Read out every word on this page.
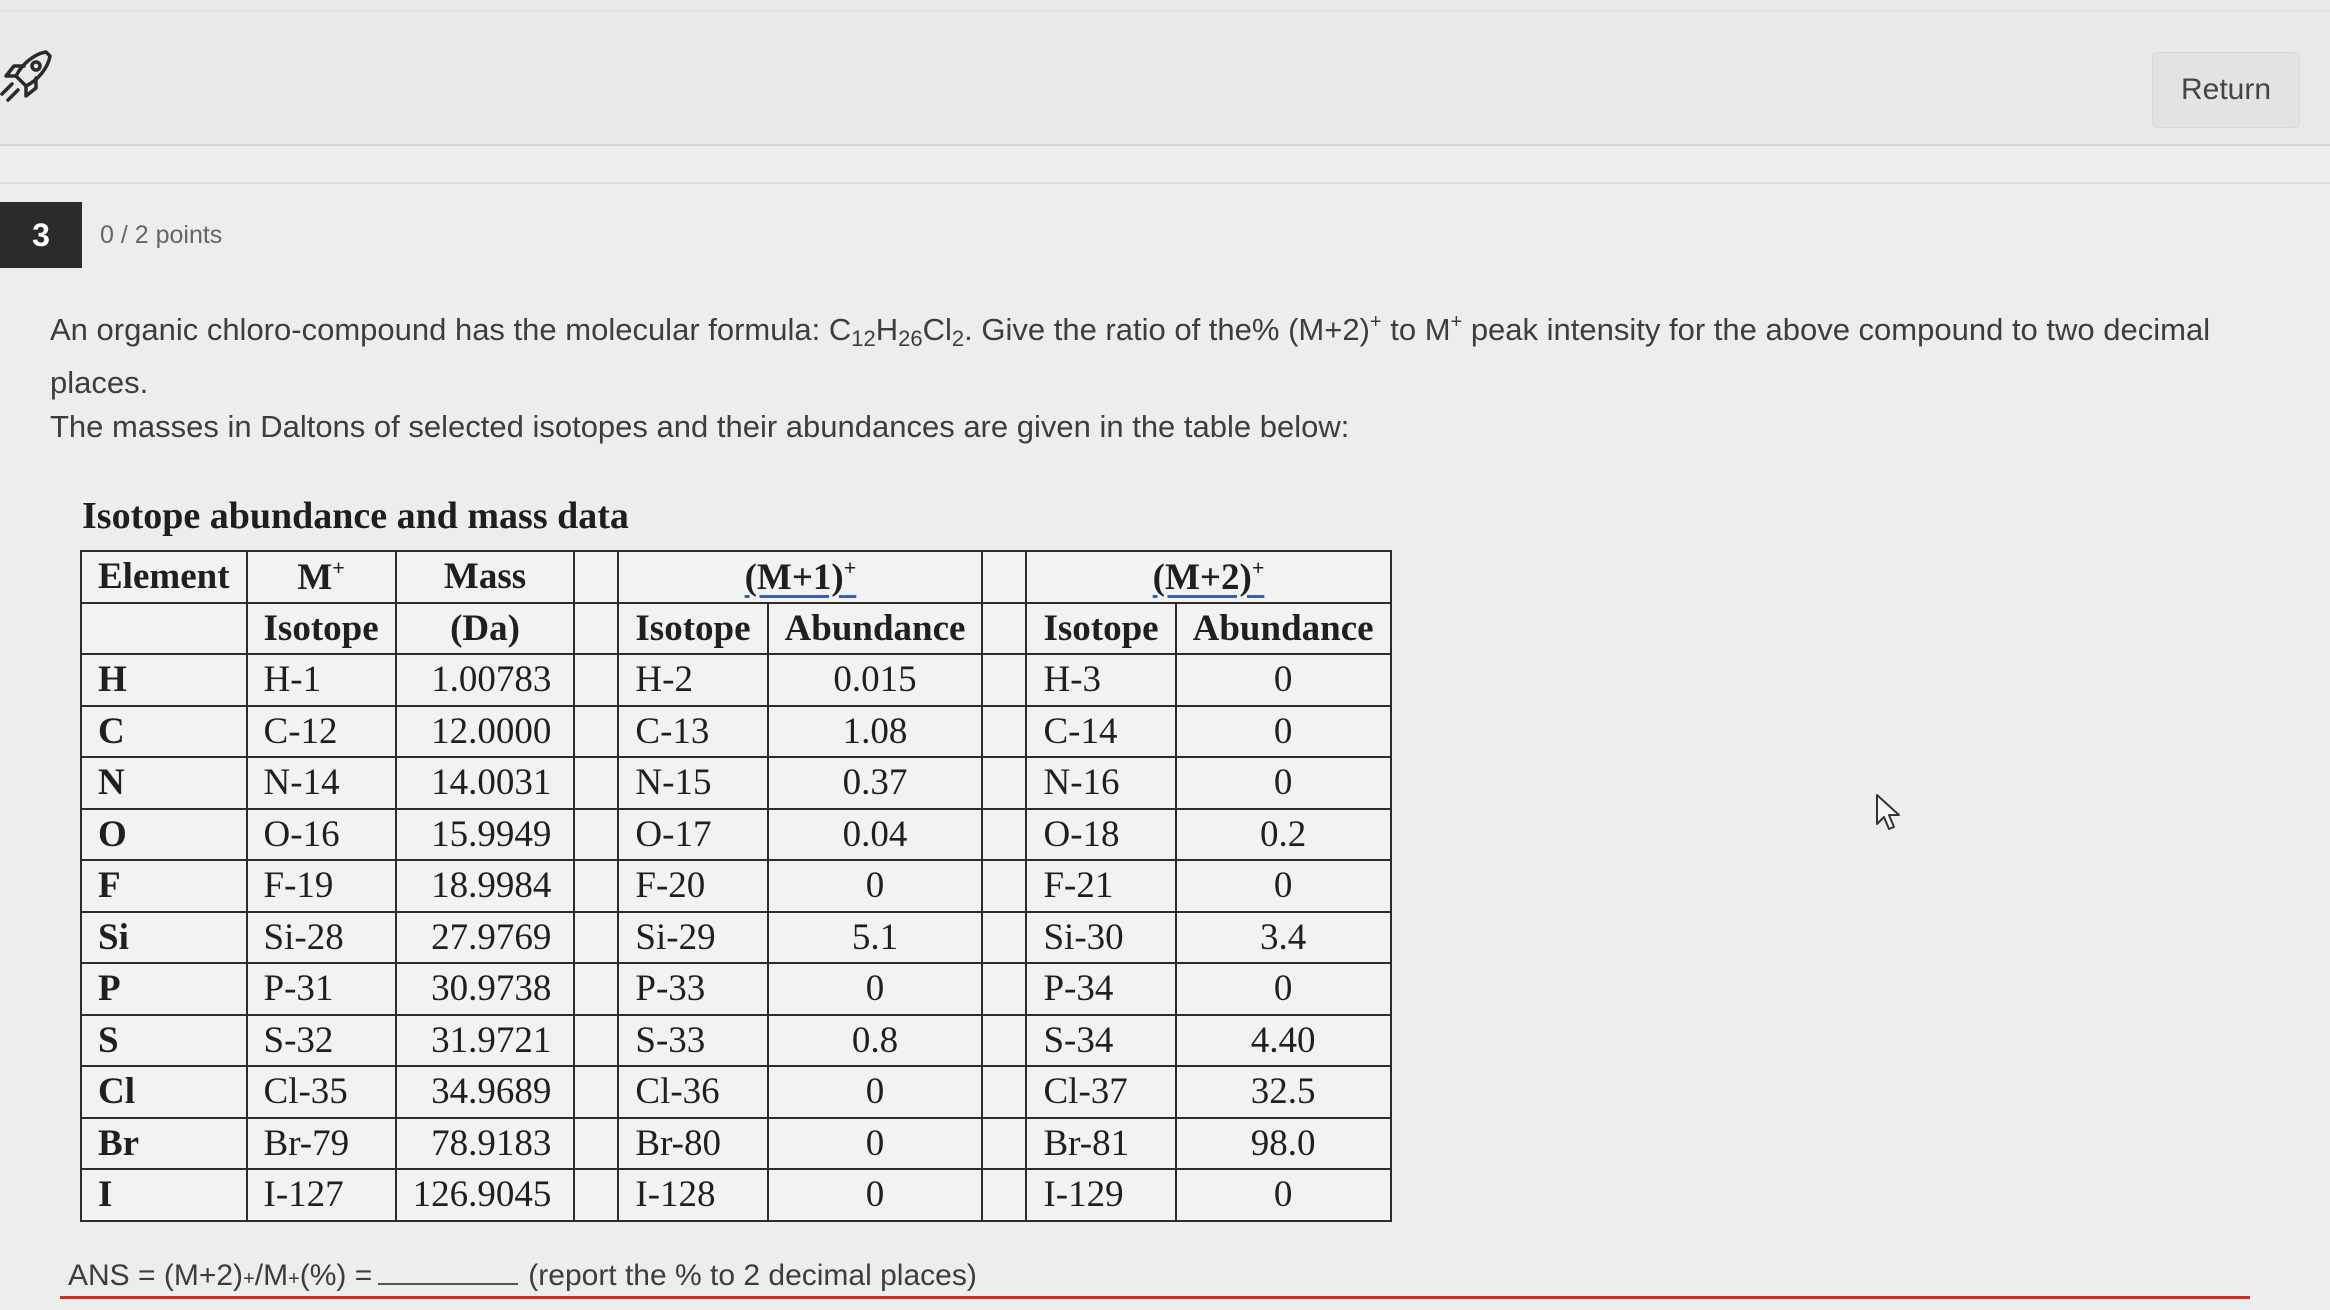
Return
3	0 / 2 points
An organic chloro-compound has the molecular formula: $C_{12}H_{26}Cl_2$. Give the ratio of the% (M+2)+ to M+ peak intensity for the above compound to two decimal places.
The masses in Daltons of selected isotopes and their abundances are given in the table below:
Isotope abundance and mass data
Element	M+	Mass		(M+1)+			(M+2)+
	Isotope	(Da)		Isotope	Abundance		Isotope	Abundance
H	H-1	1.00783		H-2	0.015		H-3	0
C	C-12	12.0000		C-13	1.08		C-14	0
N	N-14	14.0031		N-15	0.37		N-16	0
O	O-16	15.9949		O-17	0.04		O-18	0.2
F	F-19	18.9984		F-20	0		F-21	0
Si	Si-28	27.9769		Si-29	5.1		Si-30	3.4
P	P-31	30.9738		P-33	0		P-34	0
S	S-32	31.9721		S-33	0.8		S-34	4.40
Cl	Cl-35	34.9689		Cl-36	0		Cl-37	32.5
Br	Br-79	78.9183		Br-80	0		Br-81	98.0
I	I-127	126.9045		I-128	0		I-129	0
ANS = (M+2) + /M + (%) =	(report the % to 2 decimal places)
